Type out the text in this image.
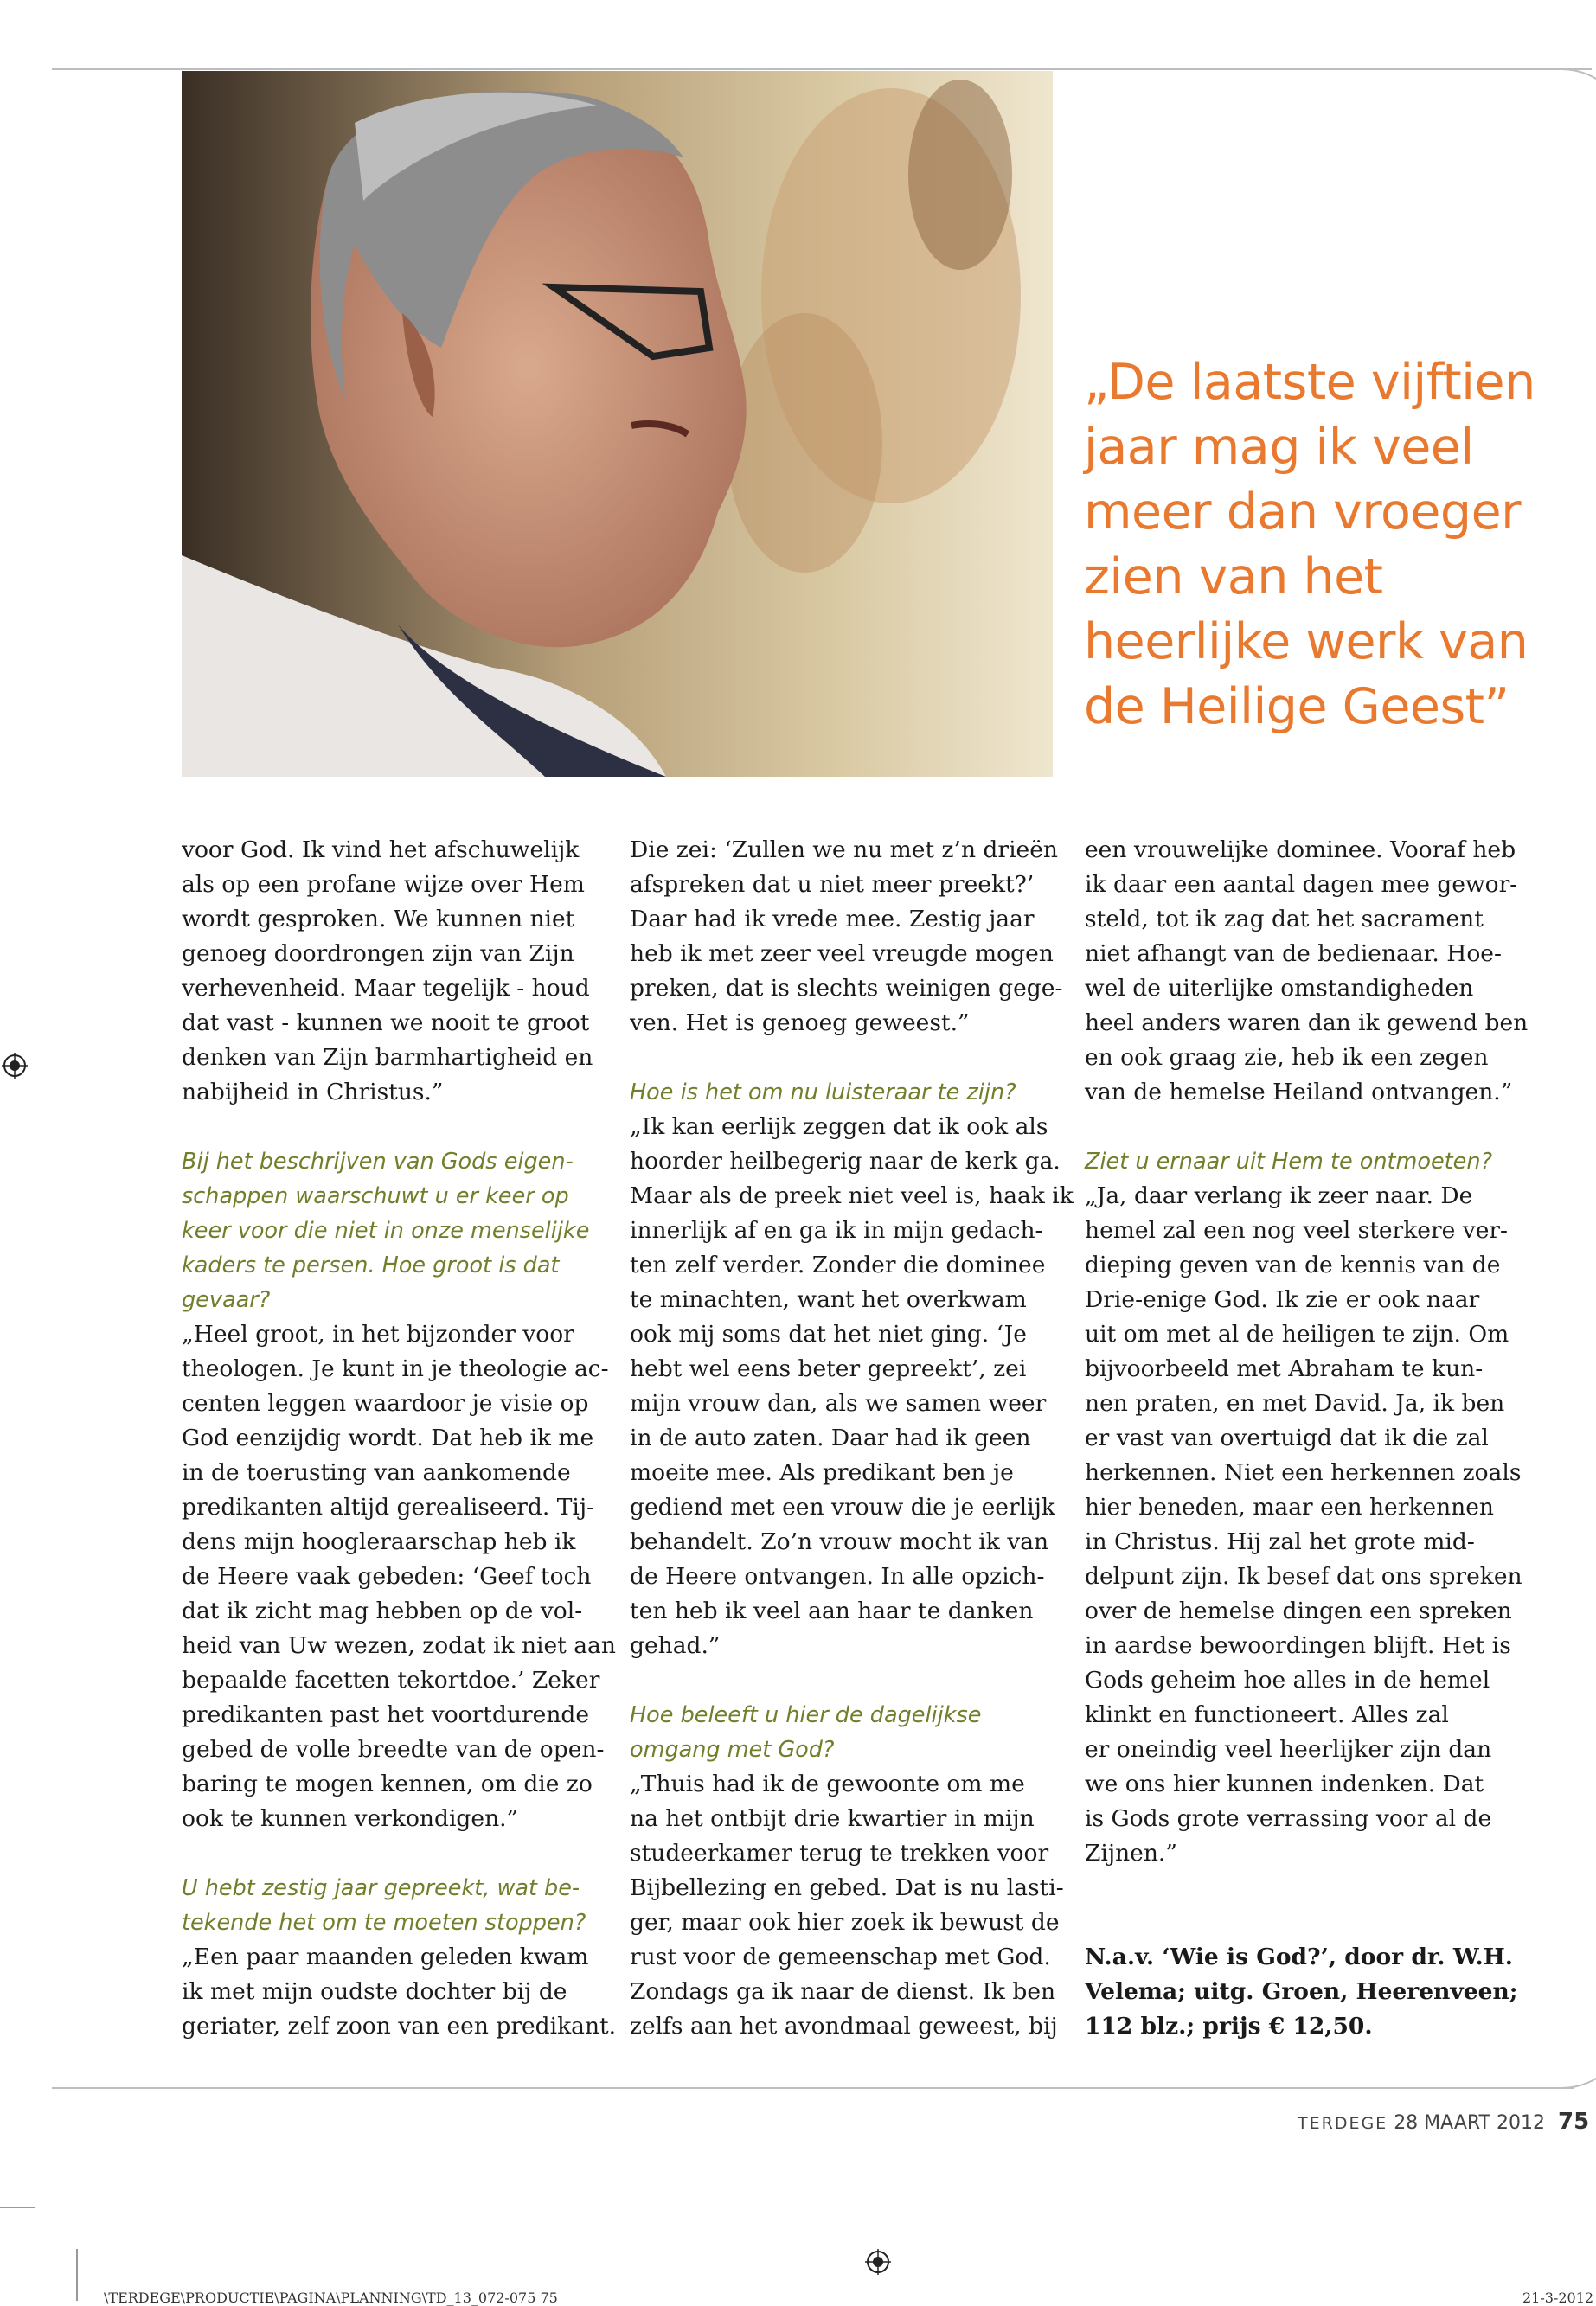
„De laatste vijftien
jaar mag ik veel
meer dan vroeger
zien van het
heerlijke werk van
de Heilige Geest”
voor God. Ik vind het afschuwelijk
als op een profane wijze over Hem
wordt gesproken. We kunnen niet
genoeg doordrongen zijn van Zijn
verhevenheid. Maar tegelijk - houd
dat vast - kunnen we nooit te groot
denken van Zijn barmhartigheid en
nabijheid in Christus.”
Bij het beschrijven van Gods eigen-
schappen waarschuwt u er keer op
keer voor die niet in onze menselijke
kaders te persen. Hoe groot is dat
gevaar?
„Heel groot, in het bijzonder voor
theologen. Je kunt in je theologie ac-
centen leggen waardoor je visie op
God eenzijdig wordt. Dat heb ik me
in de toerusting van aankomende
predikanten altijd gerealiseerd. Tij-
dens mijn hoogleraarschap heb ik
de Heere vaak gebeden: ‘Geef toch
dat ik zicht mag hebben op de vol-
heid van Uw wezen, zodat ik niet aan
bepaalde facetten tekortdoe.’ Zeker
predikanten past het voortdurende
gebed de volle breedte van de open-
baring te mogen kennen, om die zo
ook te kunnen verkondigen.”
U hebt zestig jaar gepreekt, wat be-
tekende het om te moeten stoppen?
„Een paar maanden geleden kwam
ik met mijn oudste dochter bij de
geriater, zelf zoon van een predikant.
Die zei: ‘Zullen we nu met z’n drieën
afspreken dat u niet meer preekt?’
Daar had ik vrede mee. Zestig jaar
heb ik met zeer veel vreugde mogen
preken, dat is slechts weinigen gege-
ven. Het is genoeg geweest.”
Hoe is het om nu luisteraar te zijn?
„Ik kan eerlijk zeggen dat ik ook als
hoorder heilbegerig naar de kerk ga.
Maar als de preek niet veel is, haak ik
innerlijk af en ga ik in mijn gedach-
ten zelf verder. Zonder die dominee
te minachten, want het overkwam
ook mij soms dat het niet ging. ‘Je
hebt wel eens beter gepreekt’, zei
mijn vrouw dan, als we samen weer
in de auto zaten. Daar had ik geen
moeite mee. Als predikant ben je
gediend met een vrouw die je eerlijk
behandelt. Zo’n vrouw mocht ik van
de Heere ontvangen. In alle opzich-
ten heb ik veel aan haar te danken
gehad.”
Hoe beleeft u hier de dagelijkse
omgang met God?
„Thuis had ik de gewoonte om me
na het ontbijt drie kwartier in mijn
studeerkamer terug te trekken voor
Bijbellezing en gebed. Dat is nu lasti-
ger, maar ook hier zoek ik bewust de
rust voor de gemeenschap met God.
Zondags ga ik naar de dienst. Ik ben
zelfs aan het avondmaal geweest, bij
een vrouwelijke dominee. Vooraf heb
ik daar een aantal dagen mee gewor-
steld, tot ik zag dat het sacrament
niet afhangt van de bedienaar. Hoe-
wel de uiterlijke omstandigheden
heel anders waren dan ik gewend ben
en ook graag zie, heb ik een zegen
van de hemelse Heiland ontvangen.”
Ziet u ernaar uit Hem te ontmoeten?
„Ja, daar verlang ik zeer naar. De
hemel zal een nog veel sterkere ver-
dieping geven van de kennis van de
Drie-enige God. Ik zie er ook naar
uit om met al de heiligen te zijn. Om
bijvoorbeeld met Abraham te kun-
nen praten, en met David. Ja, ik ben
er vast van overtuigd dat ik die zal
herkennen. Niet een herkennen zoals
hier beneden, maar een herkennen
in Christus. Hij zal het grote mid-
delpunt zijn. Ik besef dat ons spreken
over de hemelse dingen een spreken
in aardse bewoordingen blijft. Het is
Gods geheim hoe alles in de hemel
klinkt en functioneert. Alles zal
er oneindig veel heerlijker zijn dan
we ons hier kunnen indenken. Dat
is Gods grote verrassing voor al de
Zijnen.”
N.a.v. ‘Wie is God?’, door dr. W.H.
Velema; uitg. Groen, Heerenveen;
112 blz.; prijs € 12,50.
TERDEGE 28 MAART 2012 75
\TERDEGE\PRODUCTIE\PAGINA\PLANNING\TD_13_072-075 75	21-3-2012
